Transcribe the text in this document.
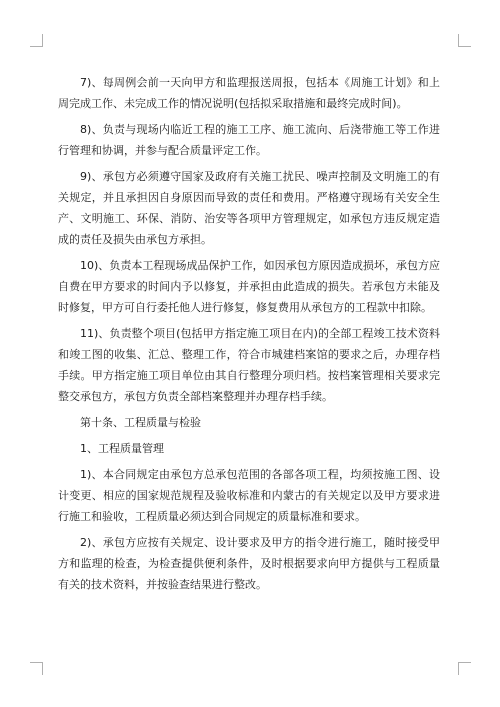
7)、每周例会前一天向甲方和监理报送周报，包括本《周施工计划》和上周完成工作、未完成工作的情况说明(包括拟采取措施和最终完成时间)。

8)、负责与现场内临近工程的施工工序、施工流向、后浇带施工等工作进行管理和协调，并参与配合质量评定工作。

9)、承包方必须遵守国家及政府有关施工扰民、噪声控制及文明施工的有关规定，并且承担因自身原因而导致的责任和费用。严格遵守现场有关安全生产、文明施工、环保、消防、治安等各项甲方管理规定，如承包方违反规定造成的责任及损失由承包方承担。

10)、负责本工程现场成品保护工作，如因承包方原因造成损坏，承包方应自费在甲方要求的时间内予以修复，并承担由此造成的损失。若承包方未能及时修复，甲方可自行委托他人进行修复，修复费用从承包方的工程款中扣除。

11)、负责整个项目(包括甲方指定施工项目在内)的全部工程竣工技术资料和竣工图的收集、汇总、整理工作，符合市城建档案馆的要求之后，办理存档手续。甲方指定施工项目单位由其自行整理分项归档。按档案管理相关要求完整交承包方，承包方负责全部档案整理并办理存档手续。

第十条、工程质量与检验

1、工程质量管理

1)、本合同规定由承包方总承包范围的各部各项工程，均须按施工图、设计变更、相应的国家规范规程及验收标准和内蒙古的有关规定以及甲方要求进行施工和验收，工程质量必须达到合同规定的质量标准和要求。

2)、承包方应按有关规定、设计要求及甲方的指令进行施工，随时接受甲方和监理的检查，为检查提供便利条件，及时根据要求向甲方提供与工程质量有关的技术资料，并按验查结果进行整改。
